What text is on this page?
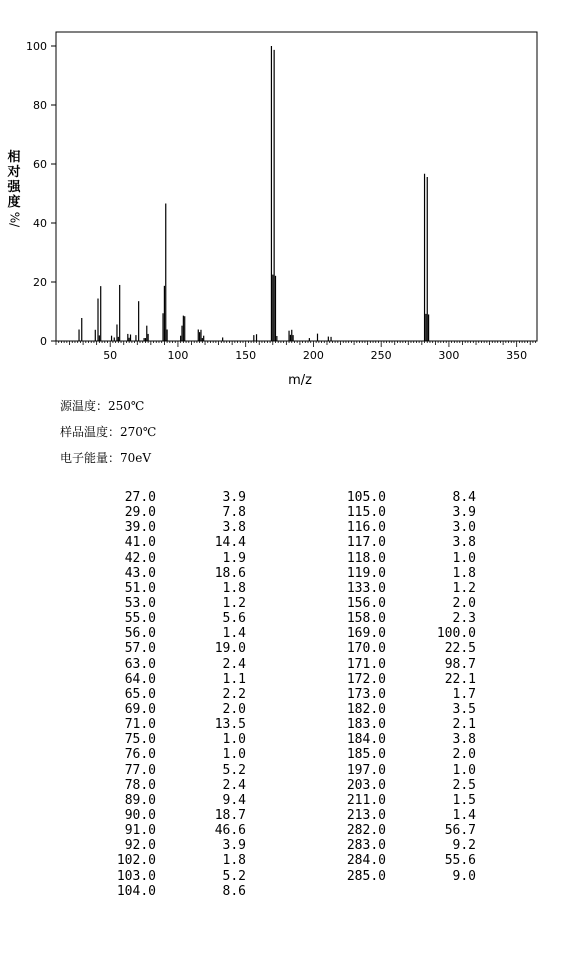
0
20
40
60
80
100
50	100	150	200	250	300	350
m/z
相
对
强
度
%/
源温度：250℃
样品温度：270℃
电子能量：70eV
27.0	3.9
29.0	7.8
39.0	3.8
41.0	14.4
42.0	1.9
43.0	18.6
51.0	1.8
53.0	1.2
55.0	5.6
56.0	1.4
57.0	19.0
63.0	2.4
64.0	1.1
65.0	2.2
69.0	2.0
71.0	13.5
75.0	1.0
76.0	1.0
77.0	5.2
78.0	2.4
89.0	9.4
90.0	18.7
91.0	46.6
92.0	3.9
102.0	1.8
103.0	5.2
104.0	8.6
105.0	8.4
115.0	3.9
116.0	3.0
117.0	3.8
118.0	1.0
119.0	1.8
133.0	1.2
156.0	2.0
158.0	2.3
169.0	100.0
170.0	22.5
171.0	98.7
172.0	22.1
173.0	1.7
182.0	3.5
183.0	2.1
184.0	3.8
185.0	2.0
197.0	1.0
203.0	2.5
211.0	1.5
213.0	1.4
282.0	56.7
283.0	9.2
284.0	55.6
285.0	9.0
